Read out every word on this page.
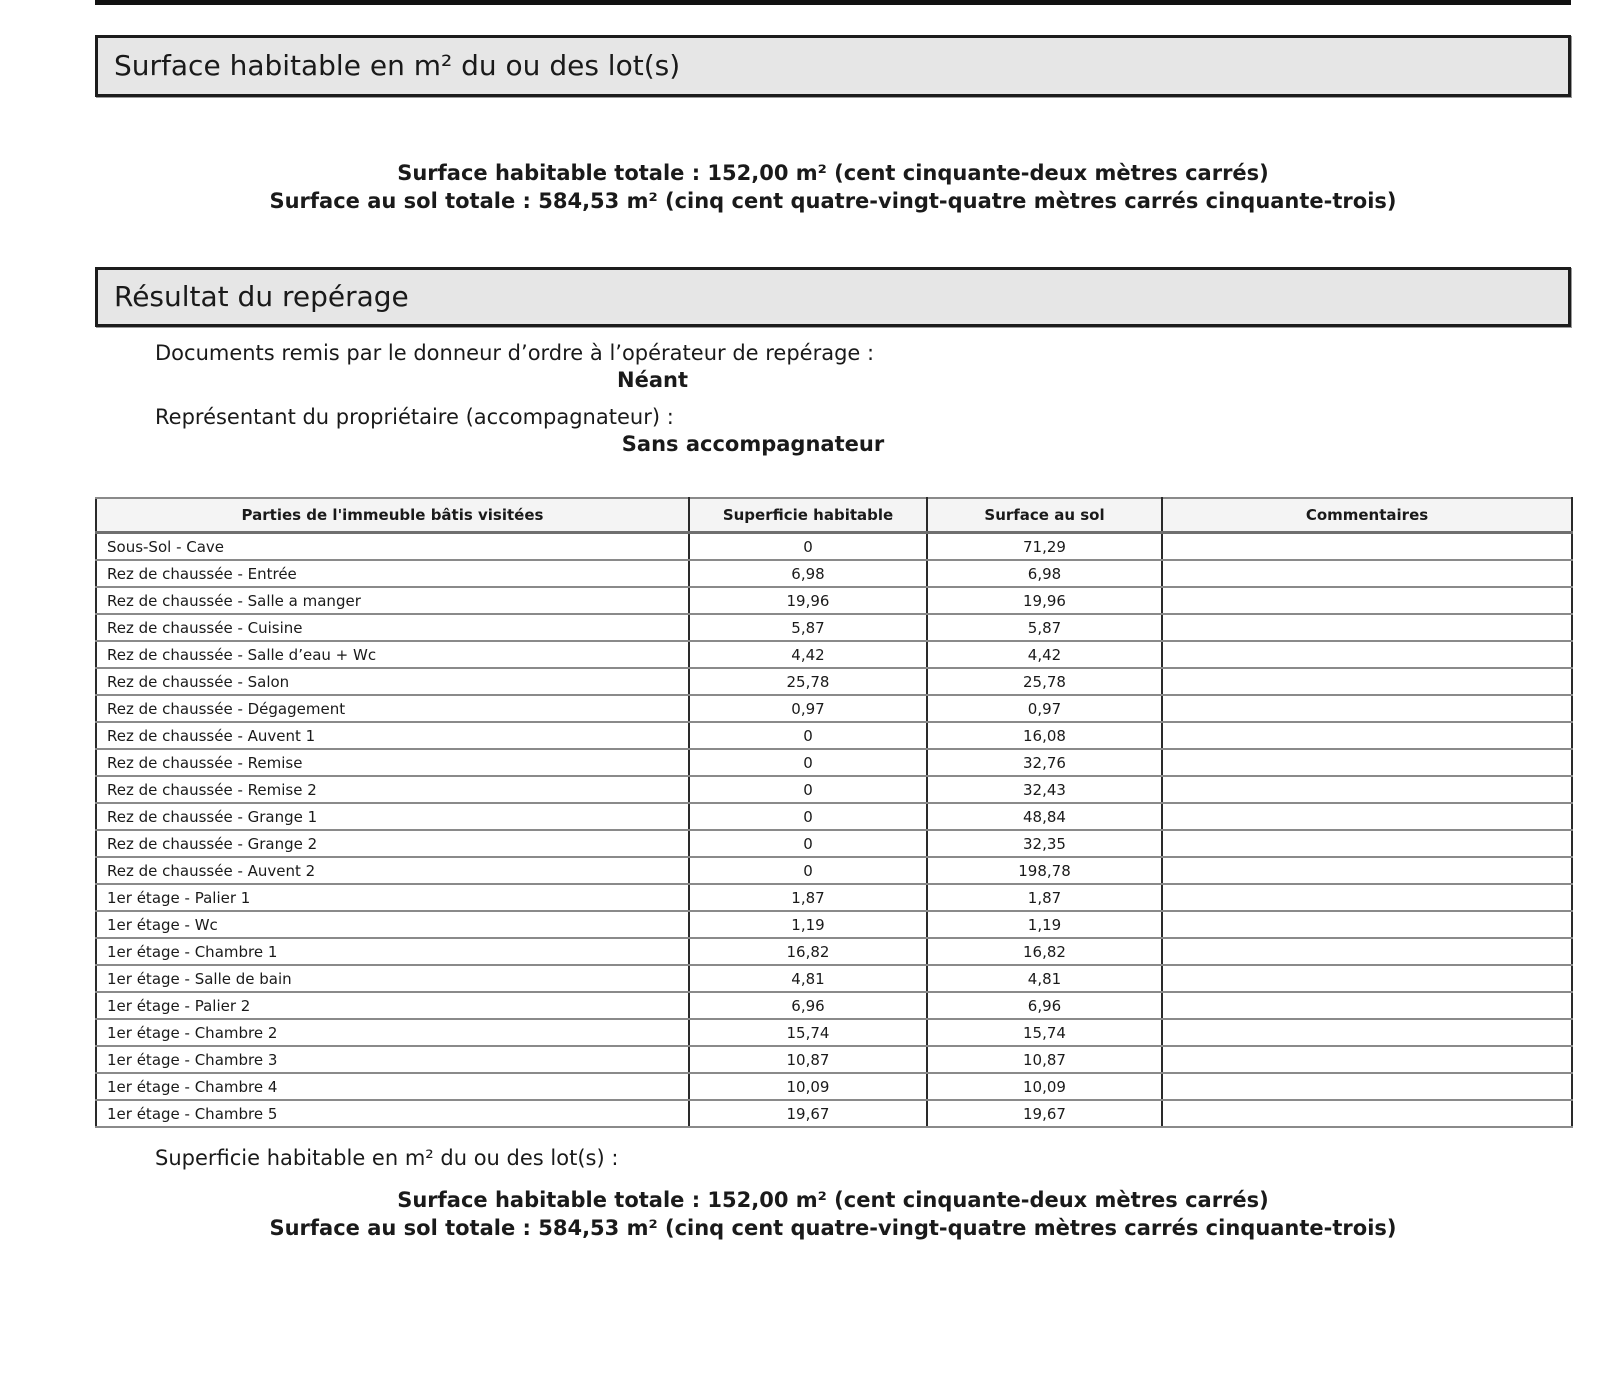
Surface habitable en m² du ou des lot(s)
Surface habitable totale : 152,00 m² (cent cinquante-deux mètres carrés)
Surface au sol totale : 584,53 m² (cinq cent quatre-vingt-quatre mètres carrés cinquante-trois)
Résultat du repérage
Documents remis par le donneur d’ordre à l’opérateur de repérage :
Néant
Représentant du propriétaire (accompagnateur) :
Sans accompagnateur
Parties de l'immeuble bâtis visitées	Superficie habitable	Surface au sol	Commentaires
Sous-Sol - Cave	0	71,29	
Rez de chaussée - Entrée	6,98	6,98	
Rez de chaussée - Salle a manger	19,96	19,96	
Rez de chaussée - Cuisine	5,87	5,87	
Rez de chaussée - Salle d’eau + Wc	4,42	4,42	
Rez de chaussée - Salon	25,78	25,78	
Rez de chaussée - Dégagement	0,97	0,97	
Rez de chaussée - Auvent 1	0	16,08	
Rez de chaussée - Remise	0	32,76	
Rez de chaussée - Remise 2	0	32,43	
Rez de chaussée - Grange 1	0	48,84	
Rez de chaussée - Grange 2	0	32,35	
Rez de chaussée - Auvent 2	0	198,78	
1er étage - Palier 1	1,87	1,87	
1er étage - Wc	1,19	1,19	
1er étage - Chambre 1	16,82	16,82	
1er étage - Salle de bain	4,81	4,81	
1er étage - Palier 2	6,96	6,96	
1er étage - Chambre 2	15,74	15,74	
1er étage - Chambre 3	10,87	10,87	
1er étage - Chambre 4	10,09	10,09	
1er étage - Chambre 5	19,67	19,67	
Superficie habitable en m² du ou des lot(s) :
Surface habitable totale : 152,00 m² (cent cinquante-deux mètres carrés)
Surface au sol totale : 584,53 m² (cinq cent quatre-vingt-quatre mètres carrés cinquante-trois)
